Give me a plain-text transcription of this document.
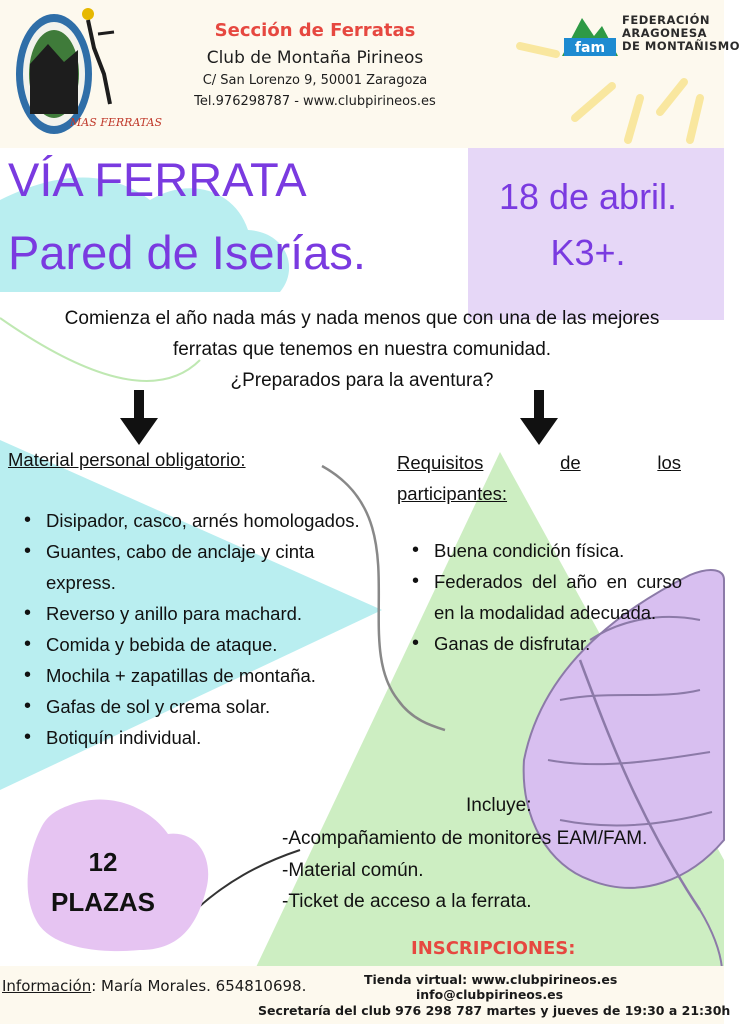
MAS FERRATAS
Sección de Ferratas
Club de Montaña Pirineos
C/ San Lorenzo 9, 50001 Zaragoza
Tel.976298787 - www.clubpirineos.es
fam
FEDERACIÓN
ARAGONESA
DE MONTAÑISMO
VÍA FERRATA
Pared de Iserías.
18 de abril.
K3+.
Comienza el año nada más y nada menos que con una de las mejores
ferratas que tenemos en nuestra comunidad.
¿Preparados para la aventura?
Material personal obligatorio:
• Disipador, casco, arnés homologados.
• Guantes, cabo de anclaje y cinta express.
• Reverso y anillo para machard.
• Comida y bebida de ataque.
• Mochila + zapatillas de montaña.
• Gafas de sol y crema solar.
• Botiquín individual.
Requisitos	de	los
participantes:
• Buena condición física.
• Federados del año en curso en la modalidad adecuada.
• Ganas de disfrutar.
12
PLAZAS
Incluye:
-Acompañamiento de monitores EAM/FAM.
-Material común.
-Ticket de acceso a la ferrata.
INSCRIPCIONES:
Información: María Morales. 654810698.	Tienda virtual: www.clubpirineos.es
info@clubpirineos.es
Secretaría del club 976 298 787 martes y jueves de 19:30 a 21:30h
